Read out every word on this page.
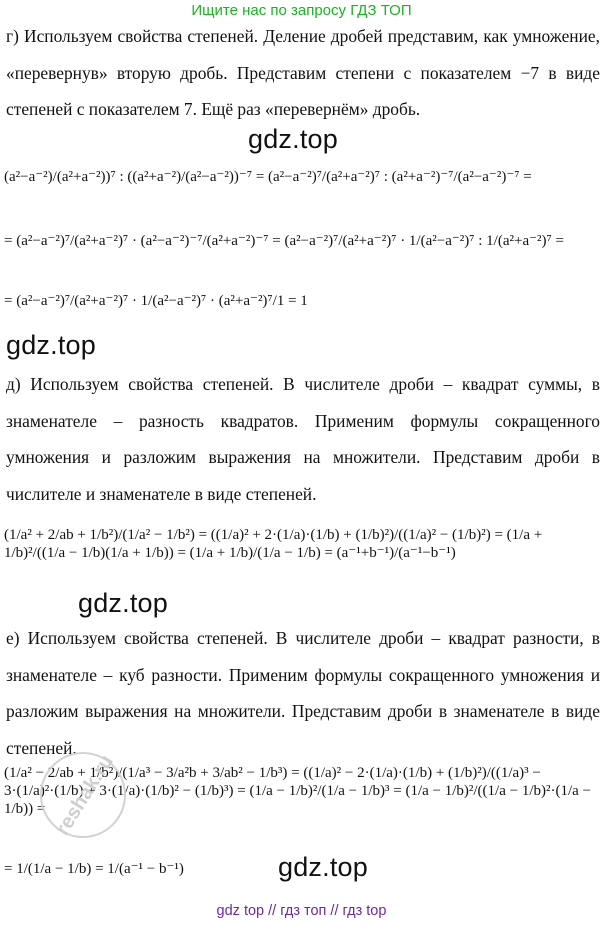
Ищите нас по запросу ГДЗ ТОП
г) Используем свойства степеней. Деление дробей представим, как умножение, «перевернув» вторую дробь. Представим степени с показателем −7 в виде степеней с показателем 7. Ещё раз «перевернём» дробь.
gdz.top
(a²−a⁻²)/(a²+a⁻²))⁷ : ((a²+a⁻²)/(a²−a⁻²))⁻⁷ = (a²−a⁻²)⁷/(a²+a⁻²)⁷ : (a²+a⁻²)⁻⁷/(a²−a⁻²)⁻⁷ =
= (a²−a⁻²)⁷/(a²+a⁻²)⁷ · (a²−a⁻²)⁻⁷/(a²+a⁻²)⁻⁷ = (a²−a⁻²)⁷/(a²+a⁻²)⁷ · 1/(a²−a⁻²)⁷ : 1/(a²+a⁻²)⁷ =
= (a²−a⁻²)⁷/(a²+a⁻²)⁷ · 1/(a²−a⁻²)⁷ · (a²+a⁻²)⁷/1 = 1
gdz.top
д) Используем свойства степеней. В числителе дроби – квадрат суммы, в знаменателе – разность квадратов. Применим формулы сокращенного умножения и разложим выражения на множители. Представим дроби в числителе и знаменателе в виде степеней.
(1/a² + 2/ab + 1/b²)/(1/a² − 1/b²) = ((1/a)² + 2·(1/a)·(1/b) + (1/b)²)/((1/a)² − (1/b)²) = (1/a + 1/b)²/((1/a − 1/b)(1/a + 1/b)) = (1/a + 1/b)/(1/a − 1/b) = (a⁻¹+b⁻¹)/(a⁻¹−b⁻¹)
gdz.top
е) Используем свойства степеней. В числителе дроби – квадрат разности, в знаменателе – куб разности. Применим формулы сокращенного умножения и разложим выражения на множители. Представим дроби в знаменателе в виде степеней.
(1/a² − 2/ab + 1/b²)/(1/a³ − 3/a²b + 3/ab² − 1/b³) = ((1/a)² − 2·(1/a)·(1/b) + (1/b)²)/((1/a)³ − 3·(1/a)²·(1/b) + 3·(1/a)·(1/b)² − (1/b)³) = (1/a − 1/b)²/(1/a − 1/b)³ = (1/a − 1/b)²/((1/a − 1/b)²·(1/a − 1/b)) =
= 1/(1/a − 1/b) = 1/(a⁻¹ − b⁻¹)	gdz.top
reshak.ru
gdz top // гдз топ // гдз top
